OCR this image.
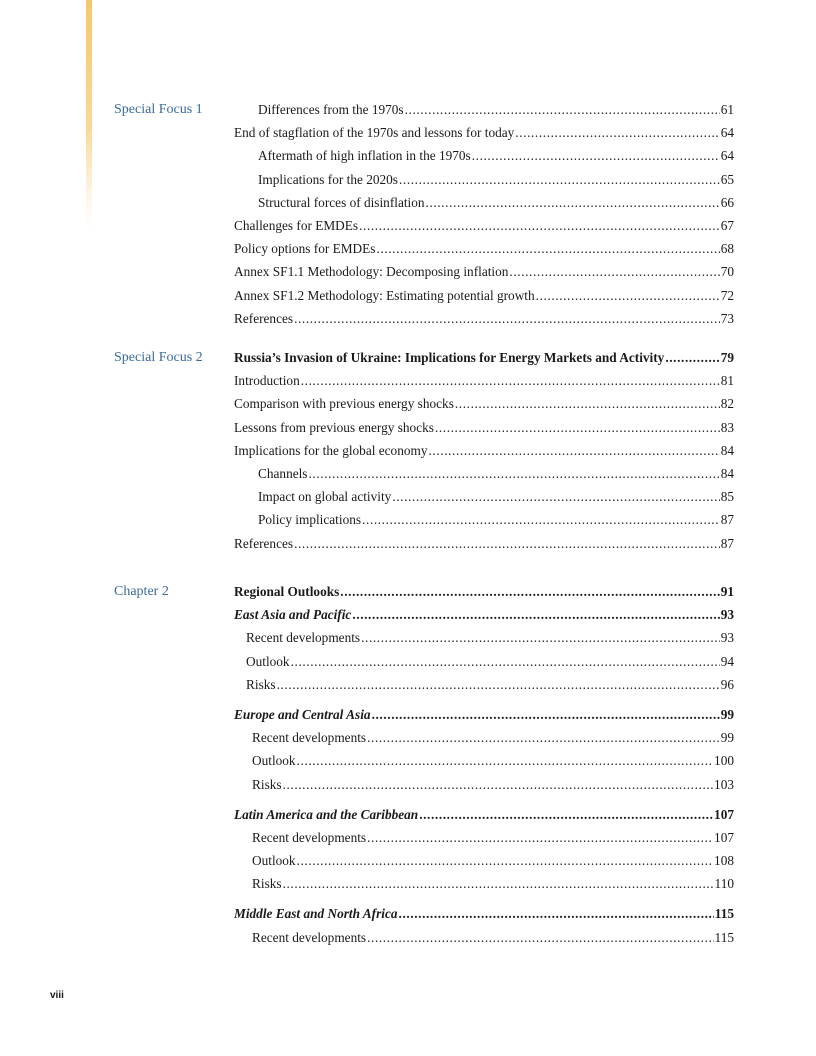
Special Focus 1	Differences from the 1970s .....	61
End of stagflation of the 1970s and lessons for today .....	64
Aftermath of high inflation in the 1970s .....	64
Implications for the 2020s .....	65
Structural forces of disinflation .....	66
Challenges for EMDEs .....	67
Policy options for EMDEs .....	68
Annex SF1.1 Methodology: Decomposing inflation .....	70
Annex SF1.2 Methodology: Estimating potential growth .....	72
References .....	73
Special Focus 2 Russia’s Invasion of Ukraine: Implications for Energy Markets and Activity .....	79
Introduction .....	81
Comparison with previous energy shocks .....	82
Lessons from previous energy shocks .....	83
Implications for the global economy .....	84
Channels .....	84
Impact on global activity .....	85
Policy implications .....	87
References .....	87
Chapter 2	Regional Outlooks .....	91
East Asia and Pacific .....	93
Recent developments .....	93
Outlook .....	94
Risks .....	96
Europe and Central Asia .....	99
Recent developments .....	99
Outlook .....	100
Risks .....	103
Latin America and the Caribbean .....	107
Recent developments .....	107
Outlook .....	108
Risks .....	110
Middle East and North Africa .....	115
Recent developments .....	115
viii
